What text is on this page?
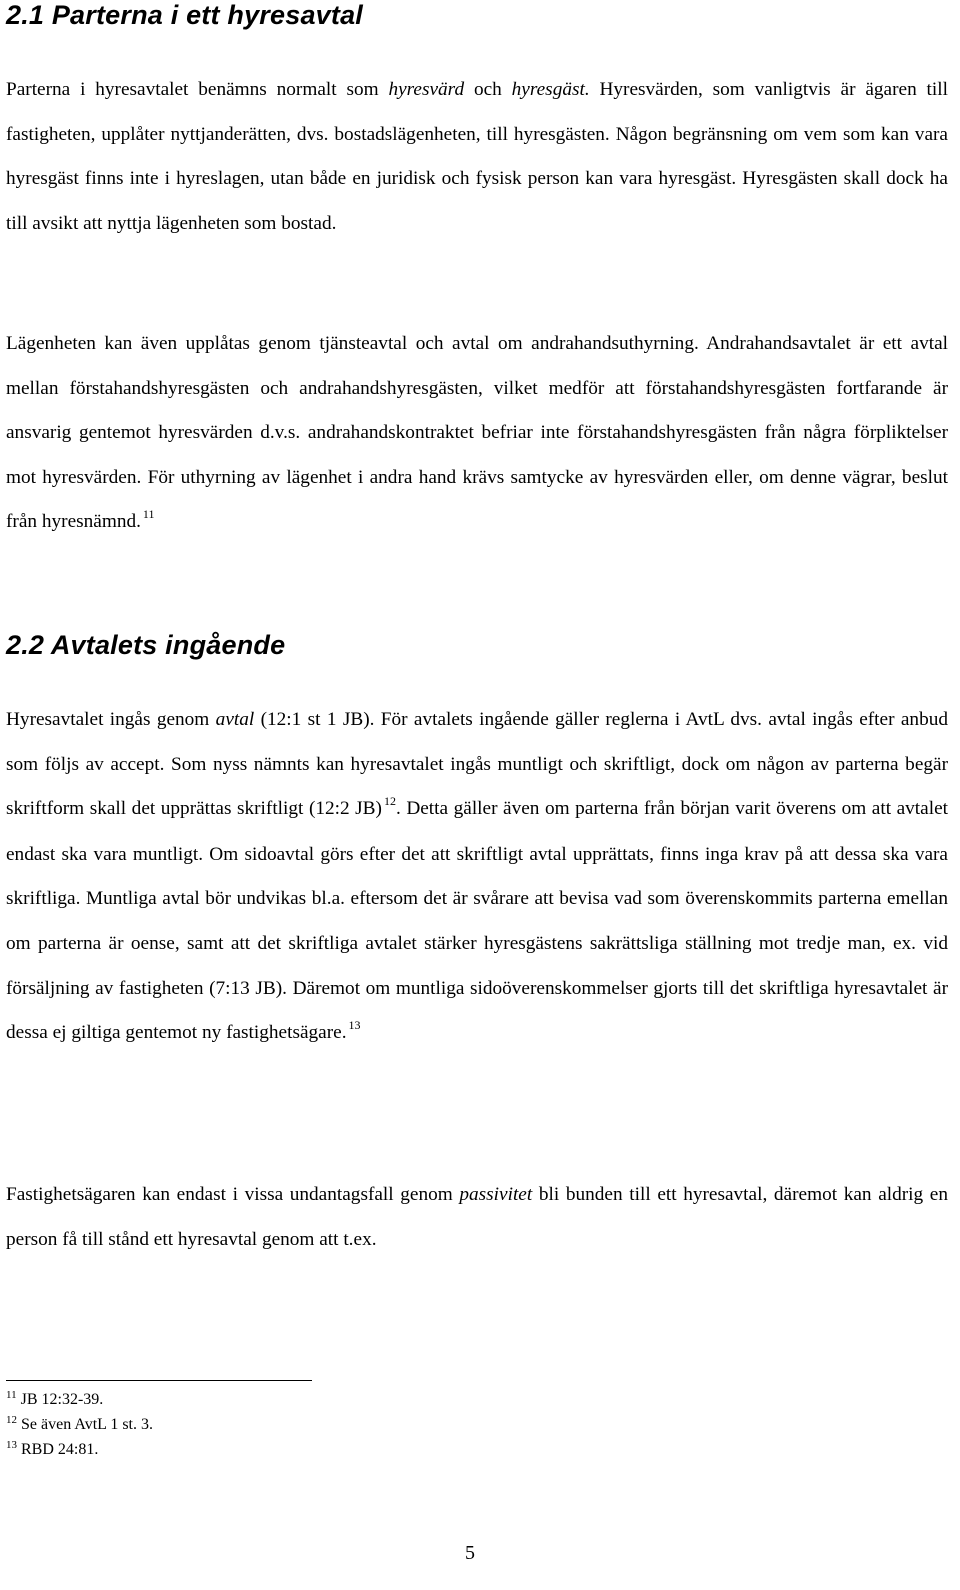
2.1 Parterna i ett hyresavtal

Parterna i hyresavtalet benämns normalt som hyresvärd och hyresgäst. Hyresvärden, som vanligtvis är ägaren till fastigheten, upplåter nyttjanderätten, dvs. bostadslägenheten, till hyresgästen. Någon begränsning om vem som kan vara hyresgäst finns inte i hyreslagen, utan både en juridisk och fysisk person kan vara hyresgäst. Hyresgästen skall dock ha till avsikt att nyttja lägenheten som bostad.

Lägenheten kan även upplåtas genom tjänsteavtal och avtal om andrahandsuthyrning. Andrahandsavtalet är ett avtal mellan förstahandshyresgästen och andrahandshyresgästen, vilket medför att förstahandshyresgästen fortfarande är ansvarig gentemot hyresvärden d.v.s. andrahandskontraktet befriar inte förstahandshyresgästen från några förpliktelser mot hyresvärden. För uthyrning av lägenhet i andra hand krävs samtycke av hyresvärden eller, om denne vägrar, beslut från hyresnämnd. $^{11}$

2.2 Avtalets ingående

Hyresavtalet ingås genom avtal (12:1 st 1 JB). För avtalets ingående gäller reglerna i AvtL dvs. avtal ingås efter anbud som följs av accept. Som nyss nämnts kan hyresavtalet ingås muntligt och skriftligt, dock om någon av parterna begär skriftform skall det upprättas skriftligt (12:2 JB) $^{12}$. Detta gäller även om parterna från början varit överens om att avtalet endast ska vara muntligt. Om sidoavtal görs efter det att skriftligt avtal upprättats, finns inga krav på att dessa ska vara skriftliga. Muntliga avtal bör undvikas bl.a. eftersom det är svårare att bevisa vad som överenskommits parterna emellan om parterna är oense, samt att det skriftliga avtalet stärker hyresgästens sakrättsliga ställning mot tredje man, ex. vid försäljning av fastigheten (7:13 JB). Däremot om muntliga sidoöverenskommelser gjorts till det skriftliga hyresavtalet är dessa ej giltiga gentemot ny fastighetsägare. $^{13}$

Fastighetsägaren kan endast i vissa undantagsfall genom passivitet bli bunden till ett hyresavtal, däremot kan aldrig en person få till stånd ett hyresavtal genom att t.ex.

$^{11}$ JB 12:32-39.
$^{12}$ Se även AvtL 1 st. 3.
$^{13}$ RBD 24:81.
5
